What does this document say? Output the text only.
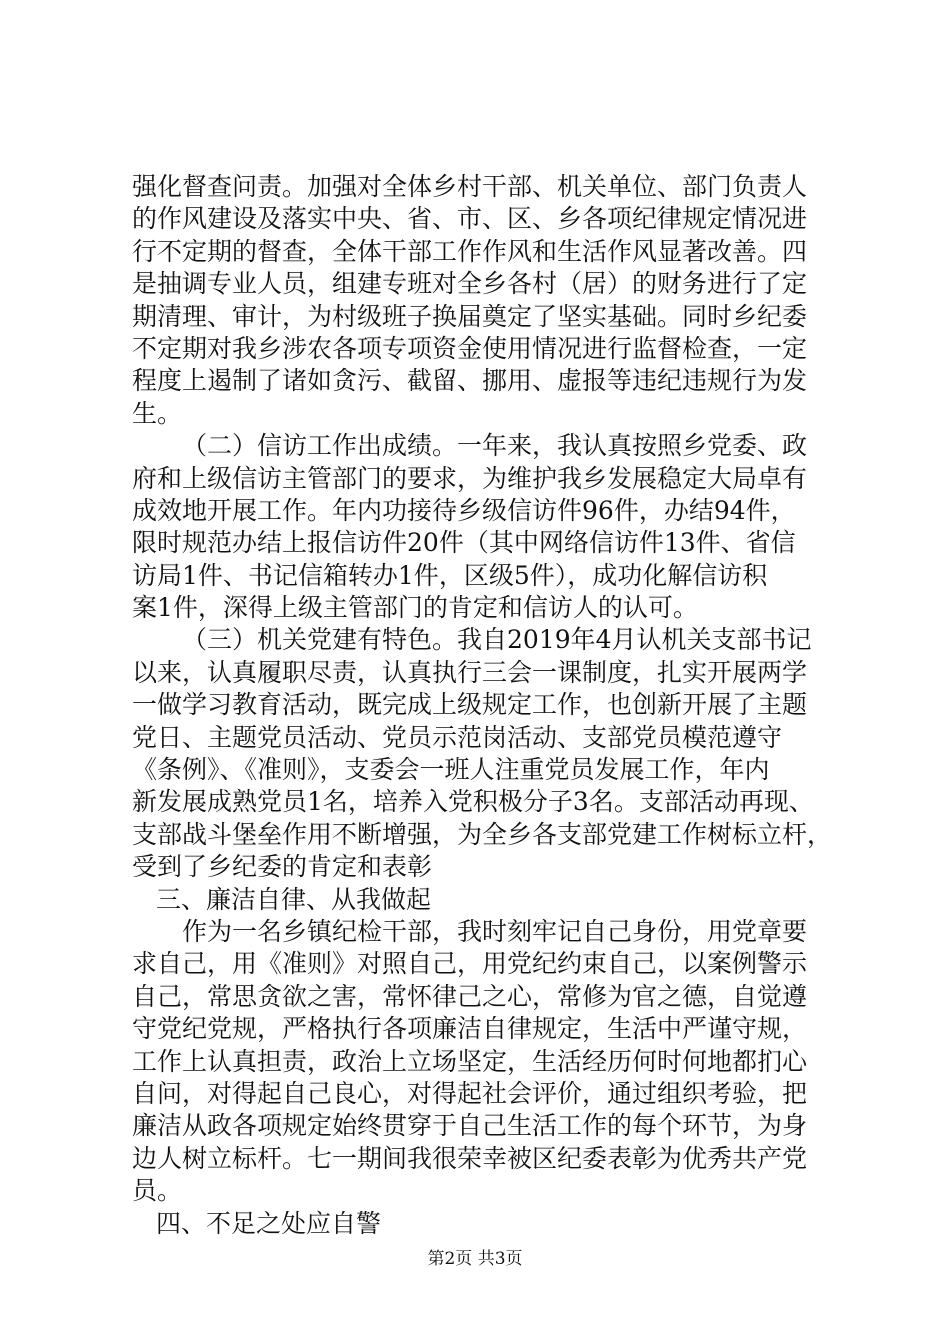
强化督查问责。加强对全体乡村干部、机关单位、部门负责人
的作风建设及落实中央、省、市、区、乡各项纪律规定情况进
行不定期的督查，全体干部工作作风和生活作风显著改善。四
是抽调专业人员，组建专班对全乡各村（居）的财务进行了定
期清理、审计，为村级班子换届奠定了坚实基础。同时乡纪委
不定期对我乡涉农各项专项资金使用情况进行监督检查，一定
程度上遏制了诸如贪污、截留、挪用、虚报等违纪违规行为发
生。
（二）信访工作出成绩。一年来，我认真按照乡党委、政
府和上级信访主管部门的要求，为维护我乡发展稳定大局卓有
成效地开展工作。年内功接待乡级信访件96件，办结94件，
限时规范办结上报信访件20件（其中网络信访件13件、省信
访局1件、书记信箱转办1件，区级5件），成功化解信访积
案1件，深得上级主管部门的肯定和信访人的认可。
（三）机关党建有特色。我自2019年4月认机关支部书记
以来，认真履职尽责，认真执行三会一课制度，扎实开展两学
一做学习教育活动，既完成上级规定工作，也创新开展了主题
党日、主题党员活动、党员示范岗活动、支部党员模范遵守
《条例》、《准则》，支委会一班人注重党员发展工作，年内
新发展成熟党员1名，培养入党积极分子3名。支部活动再现、
支部战斗堡垒作用不断增强，为全乡各支部党建工作树标立杆，
受到了乡纪委的肯定和表彰
三、廉洁自律、从我做起
作为一名乡镇纪检干部，我时刻牢记自己身份，用党章要
求自己，用《准则》对照自己，用党纪约束自己，以案例警示
自己，常思贪欲之害，常怀律己之心，常修为官之德，自觉遵
守党纪党规，严格执行各项廉洁自律规定，生活中严谨守规，
工作上认真担责，政治上立场坚定，生活经历何时何地都扪心
自问，对得起自己良心，对得起社会评价，通过组织考验，把
廉洁从政各项规定始终贯穿于自己生活工作的每个环节，为身
边人树立标杆。七一期间我很荣幸被区纪委表彰为优秀共产党
员。
四、不足之处应自警
第2页 共3页
